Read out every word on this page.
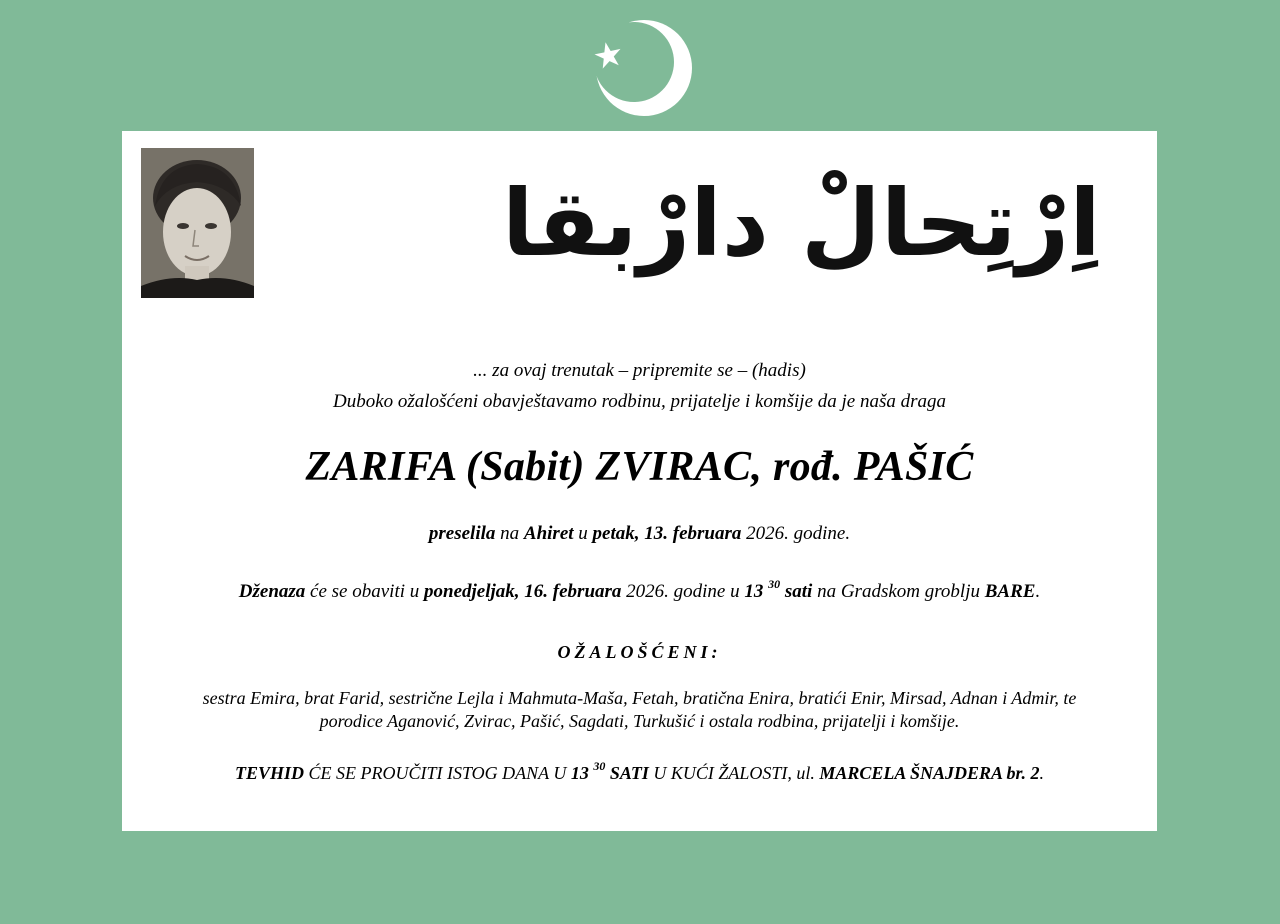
اِرْتِحالْ دارْبقا
... za ovaj trenutak – pripremite se – (hadis)
Duboko ožalošćeni obavještavamo rodbinu, prijatelje i komšije da je naša draga
ZARIFA (Sabit) ZVIRAC, rođ. PAŠIĆ
preselila na Ahiret u petak, 13. februara 2026. godine.
Dženaza će se obaviti u ponedjeljak, 16. februara 2026. godine u 13 $^{30}$ sati na Gradskom groblju BARE.
OŽALOŠĆENI:
sestra Emira, brat Farid, sestrične Lejla i Mahmuta-Maša, Fetah, bratična Enira, bratići Enir, Mirsad, Adnan i Admir, te
porodice Aganović, Zvirac, Pašić, Sagdati, Turkušić i ostala rodbina, prijatelji i komšije.
TEVHID ĆE SE PROUČITI ISTOG DANA U 13 $^{30}$ SATI U KUĆI ŽALOSTI, ul. MARCELA ŠNAJDERA br. 2.
